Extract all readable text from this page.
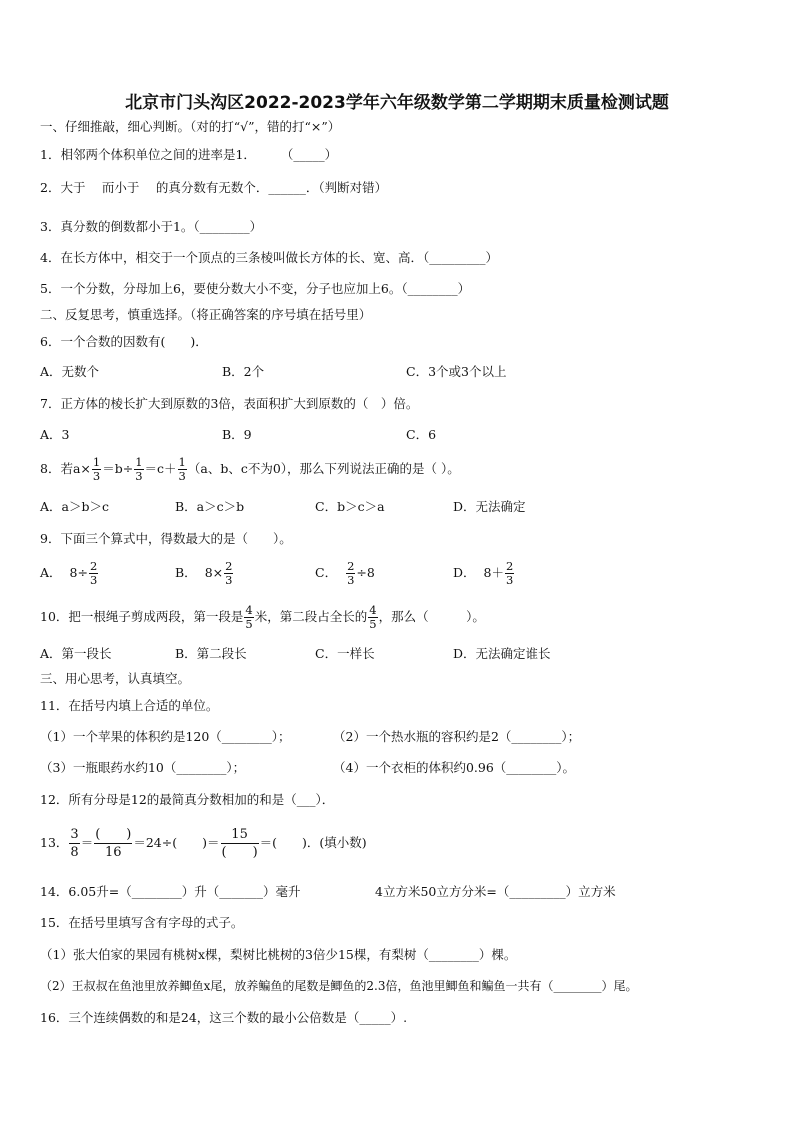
北京市门头沟区2022-2023学年六年级数学第二学期期末质量检测试题
一、仔细推敲，细心判断。（对的打“√”，错的打“×”）
1．相邻两个体积单位之间的进率是1．　　　（_____）
2．大于　 而小于　 的真分数有无数个．______．（判断对错）
3．真分数的倒数都小于1。（________）
4．在长方体中，相交于一个顶点的三条棱叫做长方体的长、宽、高．（_________）
5．一个分数，分母加上6，要使分数大小不变，分子也应加上6。（________）
二、反复思考，慎重选择。（将正确答案的序号填在括号里）
6．一个合数的因数有(　　)．
A．无数个	B．2个	C．3个或3个以上
7．正方体的棱长扩大到原数的3倍，表面积扩大到原数的（　）倍。
A．3	B．9	C．6
8．若$a\times \frac{1}{3} =b\div \frac{1}{3} =c+ \frac{1}{3} (a$、b、c不为0），那么下列说法正确的是（ ）。
A．a＞b＞c	B．a＞c＞b	C．b＞c＞a	D．无法确定
9．下面三个算式中，得数最大的是（　　）。
A． $8\div \frac{2}{3}$	B． $8\times \frac{2}{3}$	C． $\frac{2}{3} \div 8$	D． $8+ \frac{2}{3}$
10．把一根绳子剪成两段，第一段是 $\frac{4}{5}$ 米，第二段占全长的 $\frac{4}{5}$ ，那么（　　　）。
A．第一段长	B．第二段长	C．一样长	D．无法确定谁长
三、用心思考，认真填空。
11．在括号内填上合适的单位。
（1）一个苹果的体积约是120（________）；	（2）一个热水瓶的容积约是2（________）；
（3）一瓶眼药水约10（________）；	（4）一个衣柜的体积约0.96（________）。
12．所有分母是12的最简真分数相加的和是（___）．
13． $\frac{3}{8} = \frac{( )}{16} =24\div$(　　)＝ $\frac{15}{( )}$ ＝(　　)．(填小数)
14．6.05升=（________）升（_______）毫升	4立方米50立方分米=（_________）立方米
15．在括号里填写含有字母的式子。
（1）张大伯家的果园有桃树x棵，梨树比桃树的3倍少15棵，有梨树（________）棵。
（2）王叔叔在鱼池里放养鲫鱼x尾，放养鳊鱼的尾数是鲫鱼的2.3倍，鱼池里鲫鱼和鳊鱼一共有（________）尾。
16．三个连续偶数的和是24，这三个数的最小公倍数是（_____）.
